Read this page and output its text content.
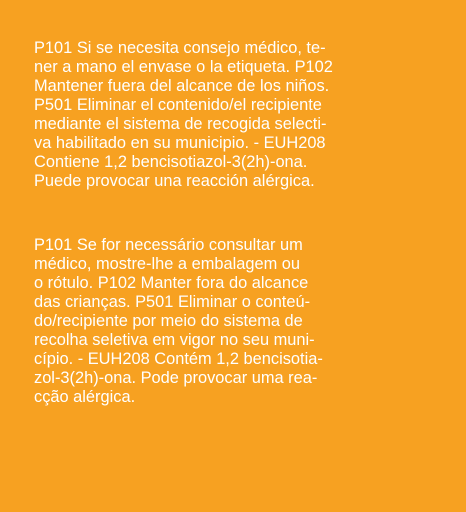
P101 Si se necesita consejo médico, te-
ner a mano el envase o la etiqueta. P102
Mantener fuera del alcance de los niños.
P501 Eliminar el contenido/el recipiente
mediante el sistema de recogida selecti-
va habilitado en su municipio. - EUH208
Contiene 1,2 bencisotiazol-3(2h)-ona.
Puede provocar una reacción alérgica.

P101 Se for necessário consultar um
médico, mostre-lhe a embalagem ou
o rótulo. P102 Manter fora do alcance
das crianças. P501 Eliminar o conteú-
do/recipiente por meio do sistema de
recolha seletiva em vigor no seu muni-
cípio. - EUH208 Contém 1,2 bencisotia-
zol-3(2h)-ona. Pode provocar uma rea-
cção alérgica.
